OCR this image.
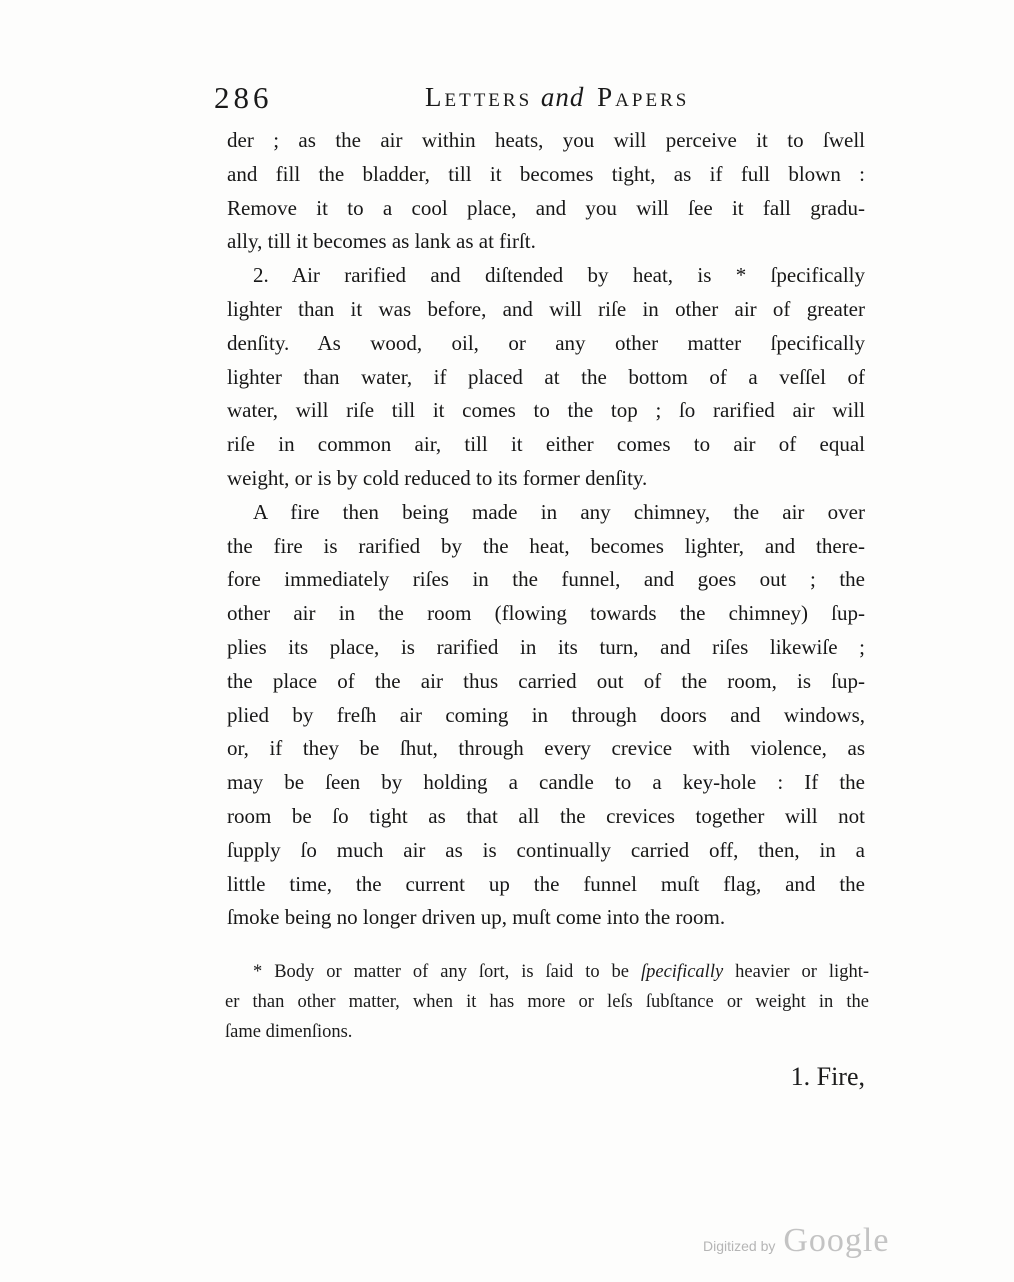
286	Letters and Papers
der ; as the air within heats, you will perceive it to ſwell
and fill the bladder, till it becomes tight, as if full blown :
Remove it to a cool place, and you will ſee it fall gradu-
ally, till it becomes as lank as at firſt.
2. Air rarified and diſtended by heat, is * ſpecifically
lighter than it was before, and will riſe in other air of greater
denſity. As wood, oil, or any other matter ſpecifically
lighter than water, if placed at the bottom of a veſſel of
water, will riſe till it comes to the top ; ſo rarified air will
riſe in common air, till it either comes to air of equal
weight, or is by cold reduced to its former denſity.
A fire then being made in any chimney, the air over
the fire is rarified by the heat, becomes lighter, and there-
fore immediately riſes in the funnel, and goes out ; the
other air in the room (flowing towards the chimney) ſup-
plies its place, is rarified in its turn, and riſes likewiſe ;
the place of the air thus carried out of the room, is ſup-
plied by freſh air coming in through doors and windows,
or, if they be ſhut, through every crevice with violence, as
may be ſeen by holding a candle to a key-hole : If the
room be ſo tight as that all the crevices together will not
ſupply ſo much air as is continually carried off, then, in a
little time, the current up the funnel muſt flag, and the
ſmoke being no longer driven up, muſt come into the room.
* Body or matter of any ſort, is ſaid to be ſpecifically heavier or light-
er than other matter, when it has more or leſs ſubſtance or weight in the
ſame dimenſions.
1. Fire,
Digitized by Google
